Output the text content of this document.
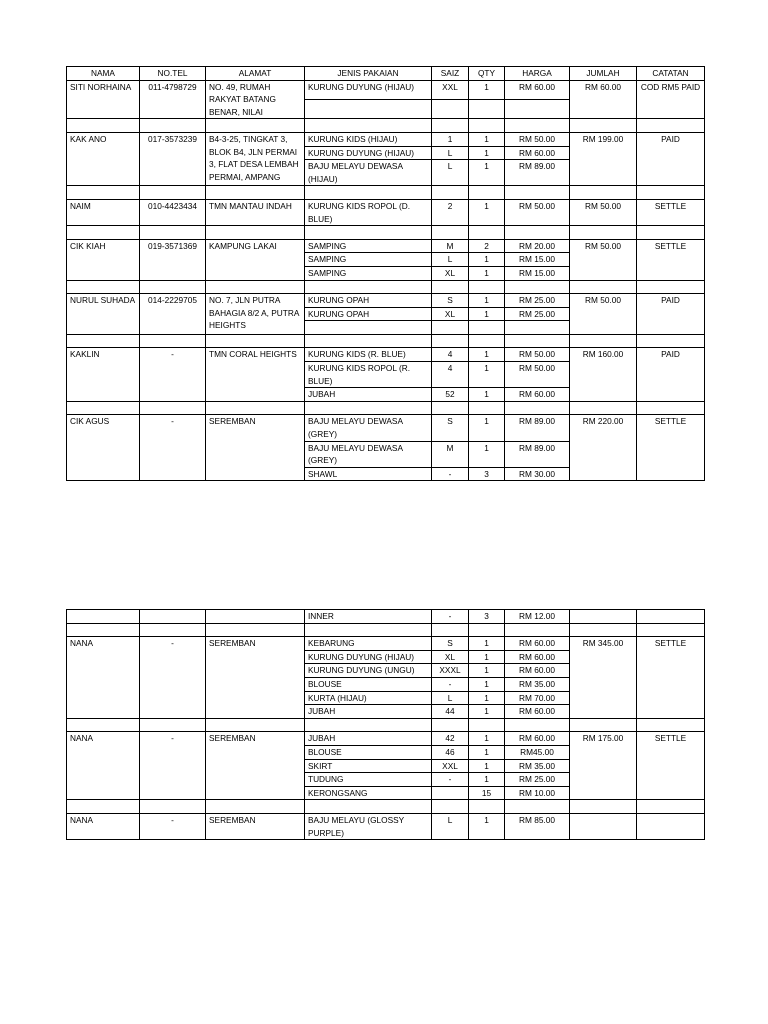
NAMA	NO.TEL	ALAMAT	JENIS PAKAIAN	SAIZ	QTY	HARGA	JUMLAH	CATATAN
SITI NORHAINA	011-4798729	NO. 49, RUMAH RAKYAT BATANG BENAR, NILAI	KURUNG DUYUNG (HIJAU)	XXL	1	RM 60.00	RM 60.00	COD RM5 PAID

KAK ANO	017-3573239	B4-3-25, TINGKAT 3, BLOK B4, JLN PERMAI 3, FLAT DESA LEMBAH PERMAI, AMPANG	KURUNG KIDS (HIJAU)	1	1	RM 50.00	RM 199.00	PAID
			KURUNG DUYUNG (HIJAU)	L	1	RM 60.00		
			BAJU MELAYU DEWASA (HIJAU)	L	1	RM 89.00		

NAIM	010-4423434	TMN MANTAU INDAH	KURUNG KIDS ROPOL (D. BLUE)	2	1	RM 50.00	RM 50.00	SETTLE

CIK KIAH	019-3571369	KAMPUNG LAKAI	SAMPING	M	2	RM 20.00	RM 50.00	SETTLE
			SAMPING	L	1	RM 15.00		
			SAMPING	XL	1	RM 15.00		

NURUL SUHADA	014-2229705	NO. 7, JLN PUTRA BAHAGIA 8/2 A, PUTRA HEIGHTS	KURUNG OPAH	S	1	RM 25.00	RM 50.00	PAID
			KURUNG OPAH	XL	1	RM 25.00		

KAKLIN	-	TMN CORAL HEIGHTS	KURUNG KIDS (R. BLUE)	4	1	RM 50.00	RM 160.00	PAID
			KURUNG KIDS ROPOL (R. BLUE)	4	1	RM 50.00		
			JUBAH	52	1	RM 60.00		

CIK AGUS	-	SEREMBAN	BAJU MELAYU DEWASA (GREY)	S	1	RM 89.00	RM 220.00	SETTLE
			BAJU MELAYU DEWASA (GREY)	M	1	RM 89.00		
			SHAWL	-	3	RM 30.00		
			INNER	-	3	RM 12.00		

NANA	-	SEREMBAN	KEBARUNG	S	1	RM 60.00	RM 345.00	SETTLE
			KURUNG DUYUNG (HIJAU)	XL	1	RM 60.00		
			KURUNG DUYUNG (UNGU)	XXXL	1	RM 60.00		
			BLOUSE	-	1	RM 35.00		
			KURTA (HIJAU)	L	1	RM 70.00		
			JUBAH	44	1	RM 60.00		

NANA	-	SEREMBAN	JUBAH	42	1	RM 60.00	RM 175.00	SETTLE
			BLOUSE	46	1	RM45.00		
			SKIRT	XXL	1	RM 35.00		
			TUDUNG	-	1	RM 25.00		
			KERONGSANG		15	RM 10.00		

NANA	-	SEREMBAN	BAJU MELAYU (GLOSSY PURPLE)	L	1	RM 85.00		
